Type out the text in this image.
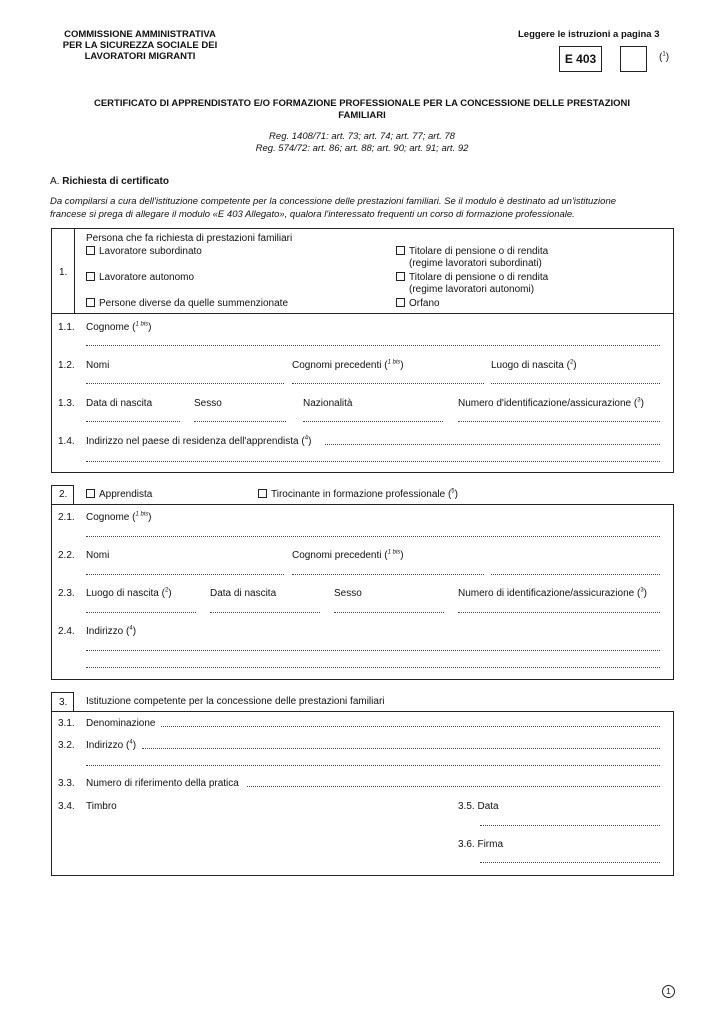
COMMISSIONE AMMINISTRATIVA
PER LA SICUREZZA SOCIALE DEI
LAVORATORI MIGRANTI
Leggere le istruzioni a pagina 3
E 403	($^1$)
CERTIFICATO DI APPRENDISTATO E/O FORMAZIONE PROFESSIONALE PER LA CONCESSIONE DELLE PRESTAZIONI
FAMILIARI
Reg. 1408/71: art. 73; art. 74; art. 77; art. 78
Reg. 574/72: art. 86; art. 88; art. 90; art. 91; art. 92
A. Richiesta di certificato
Da compilarsi a cura dell'istituzione competente per la concessione delle prestazioni familiari. Se il modulo è destinato ad un'istituzione
francese si prega di allegare il modulo «E 403 Allegato», qualora l'interessato frequenti un corso di formazione professionale.
1.
Persona che fa richiesta di prestazioni familiari
Lavoratore subordinato
Lavoratore autonomo
Persone diverse da quelle summenzionate
Titolare di pensione o di rendita
(regime lavoratori subordinati)
Titolare di pensione o di rendita
(regime lavoratori autonomi)
Orfano
1.1. Cognome ($^{1 bis}$)
1.2. Nomi	Cognomi precedenti ($^{1 bis}$)	Luogo di nascita ($^2$)
1.3. Data di nascita	Sesso	Nazionalità	Numero d'identificazione/assicurazione ($^3$)
1.4. Indirizzo nel paese di residenza dell'apprendista ($^4$)
2.	Apprendista	Tirocinante in formazione professionale ($^5$)
2.1. Cognome ($^{1 bis}$)
2.2. Nomi	Cognomi precedenti ($^{1 bis}$)
2.3. Luogo di nascita ($^2$)	Data di nascita	Sesso	Numero di identificazione/assicurazione ($^3$)
2.4. Indirizzo ($^4$)
3. Istituzione competente per la concessione delle prestazioni familiari
3.1. Denominazione
3.2. Indirizzo ($^4$)
3.3. Numero di riferimento della pratica
3.4. Timbro	3.5. Data
3.6. Firma
1
